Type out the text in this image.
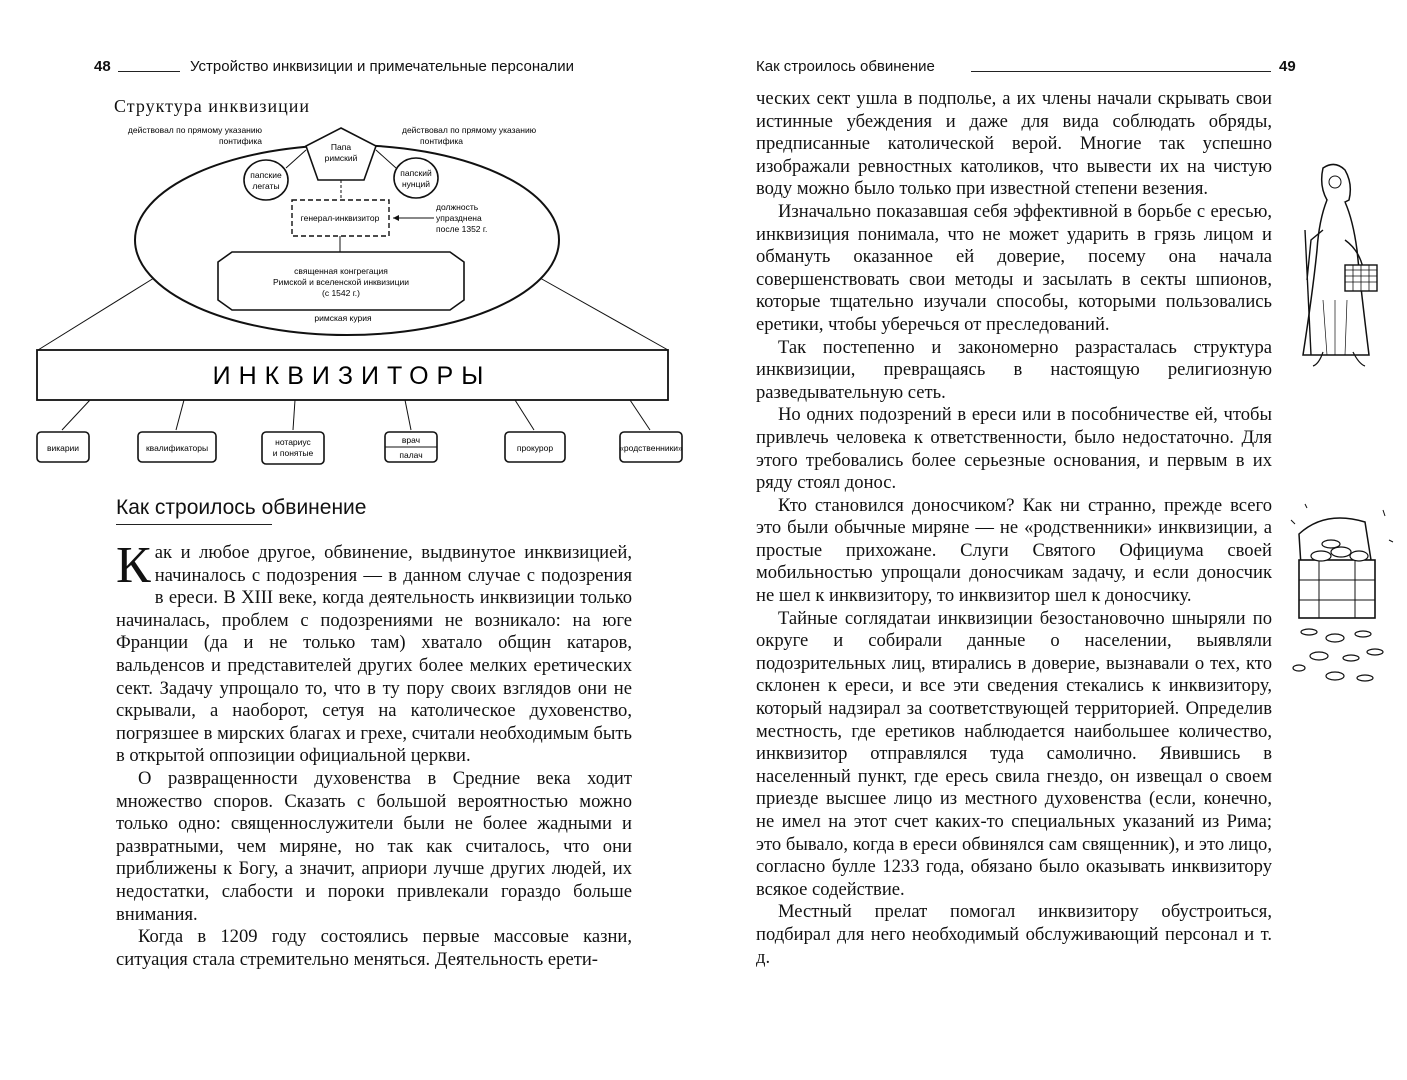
48	Устройство инквизиции и примечательные персоналии
Структура инквизиции
Папа
римский
действовал по прямому указанию
понтифика
действовал по прямому указанию
понтифика
папские
легаты
папский
нунций
генерал-инквизитор
должность
упразднена
после 1352 г.
священная конгрегация
Римской и вселенской инквизиции
(с 1542 г.)
римская курия
ИНКВИЗИТОРЫ
викарии	квалификаторы
нотариус
и понятые
врач
палач
прокурор	«родственники»
Как строилось обвинение

Как и любое другое, обвинение, выдвинутое инквизицией, начиналось с подозрения — в данном случае с подозрения в ереси. В XIII веке, когда деятельность инквизиции только начиналась, проблем с подозрениями не возникало: на юге Франции (да и не только там) хватало общин катаров, вальденсов и представителей других более мелких еретических сект. Задачу упрощало то, что в ту пору своих взглядов они не скрывали, а наоборот, сетуя на католическое духовенство, погрязшее в мирских благах и грехе, считали необходимым быть в открытой оппозиции официальной церкви.

О развращенности духовенства в Средние века ходит множество споров. Сказать с большой вероятностью можно только одно: священнослужители были не более жадными и развратными, чем миряне, но так как считалось, что они приближены к Богу, а значит, априори лучше других людей, их недостатки, слабости и пороки привлекали гораздо больше внимания.

Когда в 1209 году состоялись первые массовые казни, ситуация стала стремительно меняться. Деятельность ерети-

Как строилось обвинение	49

ческих сект ушла в подполье, а их члены начали скрывать свои истинные убеждения и даже для вида соблюдать обряды, предписанные католической верой. Многие так успешно изображали ревностных католиков, что вывести их на чистую воду можно было только при известной степени везения.

Изначально показавшая себя эффективной в борьбе с ересью, инквизиция понимала, что не может ударить в грязь лицом и обмануть оказанное ей доверие, посему она начала совершенствовать свои методы и засылать в секты шпионов, которые тщательно изучали способы, которыми пользовались еретики, чтобы уберечься от преследований.

Так постепенно и закономерно разрасталась структура инквизиции, превращаясь в настоящую религиозную разведывательную сеть.

Но одних подозрений в ереси или в пособничестве ей, чтобы привлечь человека к ответственности, было недостаточно. Для этого требовались более серьезные основания, и первым в их ряду стоял донос.

Кто становился доносчиком? Как ни странно, прежде всего это были обычные миряне — не «родственники» инквизиции, а простые прихожане. Слуги Святого Официума своей мобильностью упрощали доносчикам задачу, и если доносчик не шел к инквизитору, то инквизитор шел к доносчику.

Тайные соглядатаи инквизиции безостановочно шныряли по округе и собирали данные о населении, выявляли подозрительных лиц, втирались в доверие, вызнавали о тех, кто склонен к ереси, и все эти сведения стекались к инквизитору, который надзирал за соответствующей территорией. Определив местность, где еретиков наблюдается наибольшее количество, инквизитор отправлялся туда самолично. Явившись в населенный пункт, где ересь свила гнездо, он извещал о своем приезде высшее лицо из местного духовенства (если, конечно, не имел на этот счет каких-то специальных указаний из Рима; это бывало, когда в ереси обвинялся сам священник), и это лицо, согласно булле 1233 года, обязано было оказывать инквизитору всякое содействие.

Местный прелат помогал инквизитору обустроиться, подбирал для него необходимый обслуживающий персонал и т. д.
